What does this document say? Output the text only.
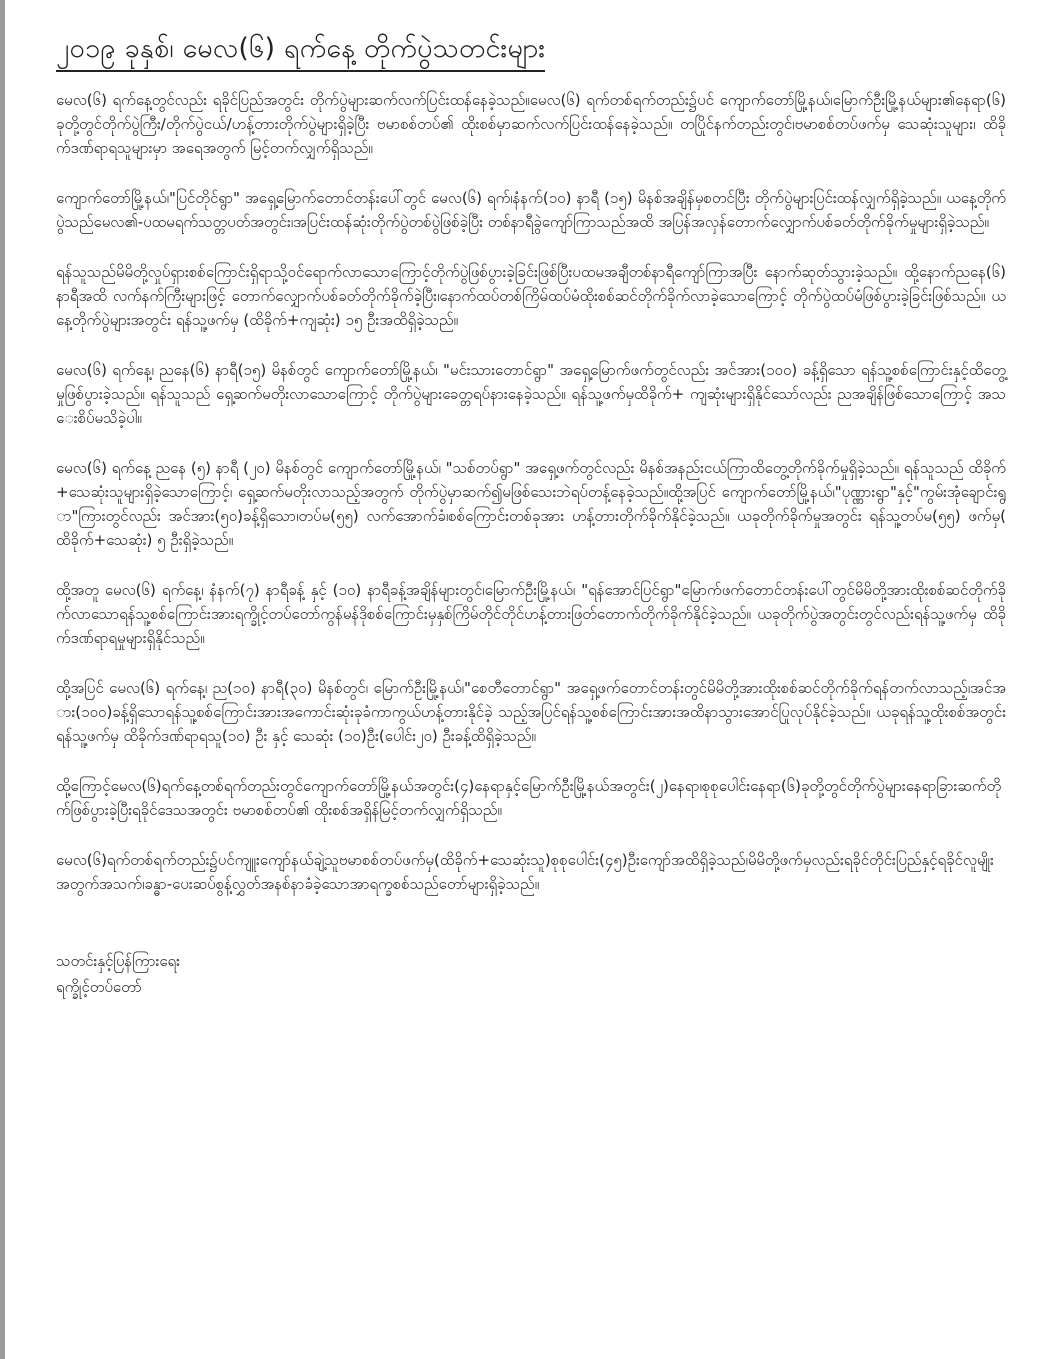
၂၀၁၉ ခုနှစ်၊ မေလ(၆) ရက်နေ့ တိုက်ပွဲသတင်းများ

မေလ(၆) ရက်နေ့တွင်လည်း ရခိုင်ပြည်အတွင်း တိုက်ပွဲများဆက်လက်ပြင်းထန်နေခဲ့သည်။မေလ(၆) ရက်တစ်ရက်တည်း၌ပင် ကျောက်တော်မြို့နယ်၊မြောက်ဦးမြို့နယ်များ၏နေရာ(၆)ခုတို့တွင်တိုက်ပွဲကြီး/တိုက်ပွဲငယ်/ဟန့်တားတိုက်ပွဲများရှိခဲ့ပြီး ဗမာစစ်တပ်၏ ထိုးစစ်မှာဆက်လက်ပြင်းထန်နေခဲ့သည်။ တပြိုင်နက်တည်းတွင်၊ဗမာစစ်တပ်ဖက်မှ သေဆုံးသူများ၊ ထိခိုက်ဒဏ်ရာရသူများမှာ အရေအတွက် မြင့်တက်လျှက်ရှိသည်။

ကျောက်တော်မြို့နယ်၊"ပြင်တိုင်ရွာ" အရှေ့မြောက်တောင်တန်းပေါ်တွင် မေလ(၆) ရက်၊နံနက်(၁၀) နာရီ (၁၅) မိနစ်အချိန်မှစတင်ပြီး တိုက်ပွဲများပြင်းထန်လျှက်ရှိခဲ့သည်။ ယနေ့တိုက်ပွဲသည်မေလ၏-ပထမရက်သတ္တပတ်အတွင်း၊အပြင်းထန်ဆုံးတိုက်ပွဲတစ်ပွဲဖြစ်ခဲ့ပြီး တစ်နာရီခွဲကျော်ကြာသည်အထိ အပြန်အလှန်တောက်လျှောက်ပစ်ခတ်တိုက်ခိုက်မှုများရှိခဲ့သည်။

ရန်သူသည်မိမိတို့လှုပ်ရှားစစ်ကြောင်းရှိရာသို့ဝင်ရောက်လာသောကြောင့်တိုက်ပွဲဖြစ်ပွားခဲ့ခြင်းဖြစ်ပြီးပထမအချီတစ်နာရီကျော်ကြာအပြီး နောက်ဆုတ်သွားခဲ့သည်။ ထို့နောက်ညနေ(၆) နာရီအထိ လက်နက်ကြီးများဖြင့် တောက်လျှောက်ပစ်ခတ်တိုက်ခိုက်ခဲ့ပြီး၊နောက်ထပ်တစ်ကြိမ်ထပ်မံထိုးစစ်ဆင်တိုက်ခိုက်လာခဲ့သောကြောင့် တိုက်ပွဲထပ်မံဖြစ်ပွားခဲ့ခြင်းဖြစ်သည်။ ယနေ့တိုက်ပွဲများအတွင်း ရန်သူ့ဖက်မှ (ထိခိုက်+ကျဆုံး) ၁၅ ဦးအထိရှိခဲ့သည်။

မေလ(၆) ရက်နေ့၊ ညနေ(၆) နာရီ(၁၅) မိနစ်တွင် ကျောက်တော်မြို့နယ်၊ "မင်းသားတောင်ရွာ" အရှေ့မြောက်ဖက်တွင်လည်း အင်အား(၁၀၀) ခန့်ရှိသော ရန်သူ့စစ်ကြောင်းနှင့်ထိတွေ့မှုဖြစ်ပွားခဲ့သည်။ ရန်သူသည် ရှေ့ဆက်မတိုးလာသောကြောင့် တိုက်ပွဲများခေတ္တရပ်နားနေခဲ့သည်။ ရန်သူ့ဖက်မှထိခိုက်+ ကျဆုံးများရှိနိုင်သော်လည်း ညအချိန်ဖြစ်သောကြောင့် အသေးစိပ်မသိခဲ့ပါ။

မေလ(၆) ရက်နေ့ ညနေ (၅) နာရီ (၂၀) မိနစ်တွင် ကျောက်တော်မြို့နယ်၊ "သစ်တပ်ရွာ" အရှေ့ဖက်တွင်လည်း မိနစ်အနည်းငယ်ကြာထိတွေ့တိုက်ခိုက်မှုရှိခဲ့သည်။ ရန်သူသည် ထိခိုက်+သေဆုံးသူများရှိခဲ့သောကြောင့်၊ ရှေ့ဆက်မတိုးလာသည့်အတွက် တိုက်ပွဲမှာဆက်၍မဖြစ်သေးဘဲရပ်တန့်နေခဲ့သည်။ထို့အပြင် ကျောက်တော်မြို့နယ်၊"ပုဏ္ဏားရွာ"နှင့်"ကွမ်းအုံချောင်းရွာ"ကြားတွင်လည်း အင်အား(၅၀)ခန့်ရှိသော၊တပ်မ(၅၅) လက်အောက်ခံ၊စစ်ကြောင်းတစ်ခုအား ဟန့်တားတိုက်ခိုက်နိုင်ခဲ့သည်။ ယခုတိုက်ခိုက်မှုအတွင်း ရန်သူ့တပ်မ(၅၅) ဖက်မှ( ထိခိုက်+သေဆုံး) ၅ ဦးရှိခဲ့သည်။

ထို့အတူ မေလ(၆) ရက်နေ့၊ နံနက်(၇) နာရီခန့် နှင့် (၁၀) နာရီခန့်အချိန်များတွင်၊မြောက်ဦးမြို့နယ်၊ "ရန်အောင်ပြင်ရွာ"မြောက်ဖက်တောင်တန်းပေါ်တွင်မိမိတို့အားထိုးစစ်ဆင်တိုက်ခိုက်လာသောရန်သူ့စစ်ကြောင်းအားရက္ခိုင့်တပ်တော်ကွန်မန်ဒိုစစ်ကြောင်းမှနှစ်ကြိမ်တိုင်တိုင်ဟန့်တားဖြတ်တောက်တိုက်ခိုက်နိုင်ခဲ့သည်။ ယခုတိုက်ပွဲအတွင်းတွင်လည်းရန်သူ့ဖက်မှ ထိခိုက်ဒဏ်ရာရမှုများရှိနိုင်သည်။

ထို့အပြင် မေလ(၆) ရက်နေ့၊ ည(၁၀) နာရီ(၃၀) မိနစ်တွင်၊ မြောက်ဦးမြို့နယ်၊"စေတီတောင်ရွာ" အရှေ့ဖက်တောင်တန်းတွင်မိမိတို့အားထိုးစစ်ဆင်တိုက်ခိုက်ရန်တက်လာသည့်၊အင်အား(၁၀၀)ခန့်ရှိသောရန်သူ့စစ်ကြောင်းအားအကောင်းဆုံးခုခံကာကွယ်ဟန့်တားနိုင်ခဲ့ သည့်အပြင်ရန်သူ့စစ်ကြောင်းအားအထိနာသွားအောင်ပြုလုပ်နိုင်ခဲ့သည်။ ယခုရန်သူ့ထိုးစစ်အတွင်း ရန်သူ့ဖက်မှ ထိခိုက်ဒဏ်ရာရသူ(၁၀) ဦး နှင့် သေဆုံး (၁၀)ဦး(ပေါင်း၂၀) ဦးခန့်ထိရှိခဲ့သည်။

ထို့ကြောင့်မေလ(၆)ရက်နေ့တစ်ရက်တည်းတွင်ကျောက်တော်မြို့နယ်အတွင်း(၄)နေရာနှင့်မြောက်ဦးမြို့နယ်အတွင်း(၂)နေရာ၊စုစုပေါင်းနေရာ(၆)ခုတို့တွင်တိုက်ပွဲများနေရာခြားဆက်တိုက်ဖြစ်ပွားခဲ့ပြီးရခိုင်ဒေသအတွင်း ဗမာစစ်တပ်၏ ထိုးစစ်အရှိန်မြင့်တက်လျှက်ရှိသည်။

မေလ(၆)ရက်တစ်ရက်တည်း၌ပင်ကျူးကျော်နယ်ချဲ့သူဗမာစစ်တပ်ဖက်မှ(ထိခိုက်+သေဆုံးသူ)စုစုပေါင်း(၄၅)ဦးကျော်အထိရှိခဲ့သည်၊မိမိတို့ဖက်မှလည်းရခိုင်တိုင်းပြည်နှင့်ရခိုင်လူမျိုးအတွက်အသက်၊ခန္ဓာ-ပေးဆပ်စွန့်လွှတ်အနစ်နာခံခဲ့သောအာရက္ခစစ်သည်တော်များရှိခဲ့သည်။

သတင်းနှင့်ပြန်ကြားရေး
ရက္ခိုင့်တပ်တော်
